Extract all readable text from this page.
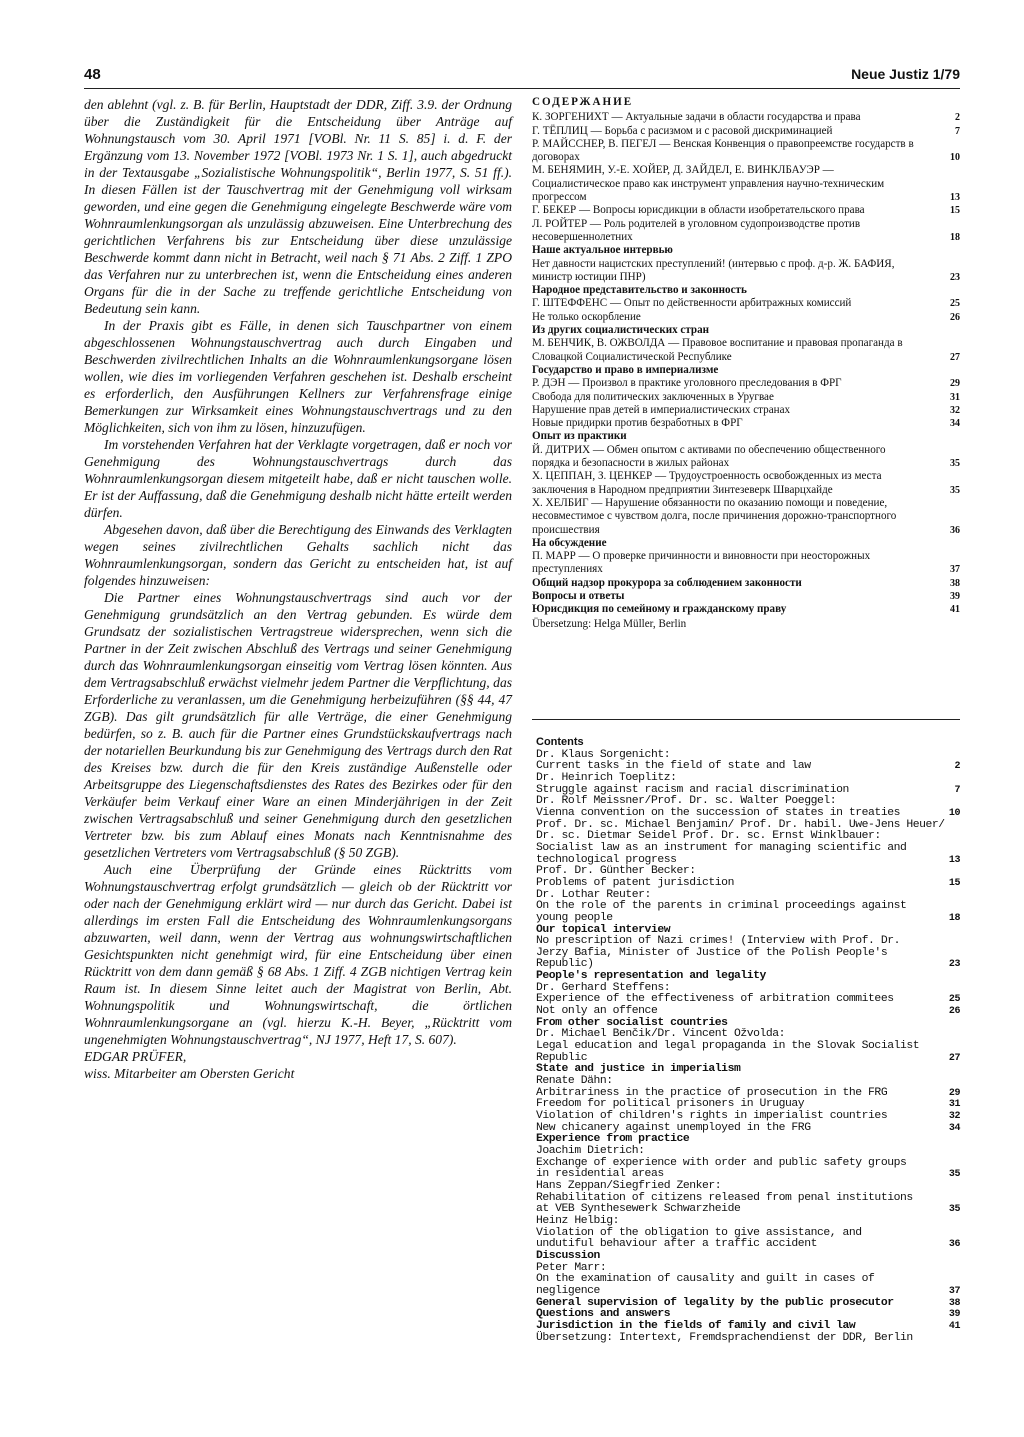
48	Neue Justiz 1/79

den ablehnt (vgl. z. B. für Berlin, Hauptstadt der DDR, Ziff. 3.9. der Ordnung über die Zuständigkeit für die Entscheidung über Anträge auf Wohnungstausch vom 30. April 1971 [VOBl. Nr. 11 S. 85] i. d. F. der Ergänzung vom 13. November 1972 [VOBl. 1973 Nr. 1 S. 1], auch abgedruckt in der Textausgabe „Sozialistische Wohnungspolitik“, Berlin 1977, S. 51 ff.). In diesen Fällen ist der Tauschvertrag mit der Genehmigung voll wirksam geworden, und eine gegen die Genehmigung eingelegte Beschwerde wäre vom Wohnraumlenkungsorgan als unzulässig abzuweisen. Eine Unterbrechung des gerichtlichen Verfahrens bis zur Entscheidung über diese unzulässige Beschwerde kommt dann nicht in Betracht, weil nach § 71 Abs. 2 Ziff. 1 ZPO das Verfahren nur zu unterbrechen ist, wenn die Entscheidung eines anderen Organs für die in der Sache zu treffende gerichtliche Entscheidung von Bedeutung sein kann.

In der Praxis gibt es Fälle, in denen sich Tauschpartner von einem abgeschlossenen Wohnungstauschvertrag auch durch Eingaben und Beschwerden zivilrechtlichen Inhalts an die Wohnraumlenkungsorgane lösen wollen, wie dies im vorliegenden Verfahren geschehen ist. Deshalb erscheint es erforderlich, den Ausführungen Kellners zur Verfahrensfrage einige Bemerkungen zur Wirksamkeit eines Wohnungstauschvertrags und zu den Möglichkeiten, sich von ihm zu lösen, hinzuzufügen.

Im vorstehenden Verfahren hat der Verklagte vorgetragen, daß er noch vor Genehmigung des Wohnungstauschvertrags durch das Wohnraumlenkungsorgan diesem mitgeteilt habe, daß er nicht tauschen wolle. Er ist der Auffassung, daß die Genehmigung deshalb nicht hätte erteilt werden dürfen.

Abgesehen davon, daß über die Berechtigung des Einwands des Verklagten wegen seines zivilrechtlichen Gehalts sachlich nicht das Wohnraumlenkungsorgan, sondern das Gericht zu entscheiden hat, ist auf folgendes hinzuweisen:

Die Partner eines Wohnungstauschvertrags sind auch vor der Genehmigung grundsätzlich an den Vertrag gebunden. Es würde dem Grundsatz der sozialistischen Vertragstreue widersprechen, wenn sich die Partner in der Zeit zwischen Abschluß des Vertrags und seiner Genehmigung durch das Wohnraumlenkungsorgan einseitig vom Vertrag lösen könnten. Aus dem Vertragsabschluß erwächst vielmehr jedem Partner die Verpflichtung, das Erforderliche zu veranlassen, um die Genehmigung herbeizuführen (§§ 44, 47 ZGB). Das gilt grundsätzlich für alle Verträge, die einer Genehmigung bedürfen, so z. B. auch für die Partner eines Grundstückskaufvertrags nach der notariellen Beurkundung bis zur Genehmigung des Vertrags durch den Rat des Kreises bzw. durch die für den Kreis zuständige Außenstelle oder Arbeitsgruppe des Liegenschaftsdienstes des Rates des Bezirkes oder für den Verkäufer beim Verkauf einer Ware an einen Minderjährigen in der Zeit zwischen Vertragsabschluß und seiner Genehmigung durch den gesetzlichen Vertreter bzw. bis zum Ablauf eines Monats nach Kenntnisnahme des gesetzlichen Vertreters vom Vertragsabschluß (§ 50 ZGB).

Auch eine Überprüfung der Gründe eines Rücktritts vom Wohnungstauschvertrag erfolgt grundsätzlich — gleich ob der Rücktritt vor oder nach der Genehmigung erklärt wird — nur durch das Gericht. Dabei ist allerdings im ersten Fall die Entscheidung des Wohnraumlenkungsorgans abzuwarten, weil dann, wenn der Vertrag aus wohnungswirtschaftlichen Gesichtspunkten nicht genehmigt wird, für eine Entscheidung über einen Rücktritt von dem dann gemäß § 68 Abs. 1 Ziff. 4 ZGB nichtigen Vertrag kein Raum ist. In diesem Sinne leitet auch der Magistrat von Berlin, Abt. Wohnungspolitik und Wohnungswirtschaft, die örtlichen Wohnraumlenkungsorgane an (vgl. hierzu K.-H. Beyer, „Rücktritt vom ungenehmigten Wohnungstauschvertrag“, NJ 1977, Heft 17, S. 607).

EDGAR PRÜFER,

wiss. Mitarbeiter am Obersten Gericht

СОДЕРЖАНИЕ
К. ЗОРГЕНИХТ — Актуальные задачи в области государства и права	2
Г. ТЁПЛИЦ — Борьба с расизмом и с расовой дискриминацией	7
Р. МАЙССНЕР, В. ПЕГЕЛ — Венская Конвенция о правопреемстве государств в договорах	10
М. БЕНЯМИН, У.-Е. ХОЙЕР, Д. ЗАЙДЕЛ, Е. ВИНКЛБАУЭР — Социалистическое право как инструмент управления научно-техническим прогрессом	13
Г. БЕКЕР — Вопросы юрисдикции в области изобретательского права	15
Л. РОЙТЕР — Роль родителей в уголовном судопроизводстве против несовершеннолетних	18
Наше актуальное интервью
Нет давности нацистских преступлений! (интервью с проф. д-р. Ж. БАФИЯ, министр юстиции ПНР)	23
Народное представительство и законность
Г. ШТЕФФЕНС — Опыт по действенности арбитражных комиссий	25
Не только оскорбление	26
Из других социалистических стран
М. БЕНЧИК, В. ОЖВОЛДА — Правовое воспитание и правовая пропаганда в Словацкой Социалистической Республике	27
Государство и право в империализме
Р. ДЭН — Произвол в практике уголовного преследования в ФРГ	29
Свобода для политических заключенных в Уругвае	31
Нарушение прав детей в империалистических странах	32
Новые придирки против безработных в ФРГ	34
Опыт из практики
Й. ДИТРИХ — Обмен опытом с активами по обеспечению общественного порядка и безопасности в жилых районах	35
Х. ЦЕППАН, З. ЦЕНКЕР — Трудоустроенность освобожденных из места заключения в Народном предприятии Зинтезеверк Шварцхайде	35
Х. ХЕЛБИГ — Нарушение обязанности по оказанию помощи и поведение, несовместимое с чувством долга, после причинения дорожно-транспортного происшествия	36
На обсуждение
П. МАРР — О проверке причинности и виновности при неосторожных преступлениях	37
Общий надзор прокурора за соблюдением законности	38
Вопросы и ответы	39
Юрисдикция по семейному и гражданскому праву	41
Übersetzung: Helga Müller, Berlin
Contents
Dr. Klaus Sorgenicht:
Current tasks in the field of state and law	2
Dr. Heinrich Toeplitz:
Struggle against racism and racial discrimination	7
Dr. Rolf Meissner/Prof. Dr. sc. Walter Poeggel:
Vienna convention on the succession of states in treaties	10
Prof. Dr. sc. Michael Benjamin/ Prof. Dr. habil. Uwe-Jens Heuer/ Dr. sc. Dietmar Seidel Prof. Dr. sc. Ernst Winklbauer:
Socialist law as an instrument for managing scientific and technological progress	13
Prof. Dr. Günther Becker:
Problems of patent jurisdiction	15
Dr. Lothar Reuter:
On the role of the parents in criminal proceedings against young people	18
Our topical interview
No prescription of Nazi crimes! (Interview with Prof. Dr. Jerzy Bafia, Minister of Justice of the Polish People's Republic)	23
People's representation and legality
Dr. Gerhard Steffens:
Experience of the effectiveness of arbitration commitees	25
Not only an offence	26
From other socialist countries
Dr. Michael Benčik/Dr. Vincent Ožvolda:
Legal education and legal propaganda in the Slovak Socialist Republic	27
State and justice in imperialism
Renate Dähn:
Arbitrariness in the practice of prosecution in the FRG	29
Freedom for political prisoners in Uruguay	31
Violation of children's rights in imperialist countries	32
New chicanery against unemployed in the FRG	34
Experience from practice
Joachim Dietrich:
Exchange of experience with order and public safety groups in residential areas	35
Hans Zeppan/Siegfried Zenker:
Rehabilitation of citizens released from penal institutions at VEB Synthesewerk Schwarzheide	35
Heinz Helbig:
Violation of the obligation to give assistance, and undutiful behaviour after a traffic accident	36
Discussion
Peter Marr:
On the examination of causality and guilt in cases of negligence	37
General supervision of legality by the public prosecutor	38
Questions and answers	39
Jurisdiction in the fields of family and civil law	41
Übersetzung: Intertext, Fremdsprachendienst der DDR, Berlin
